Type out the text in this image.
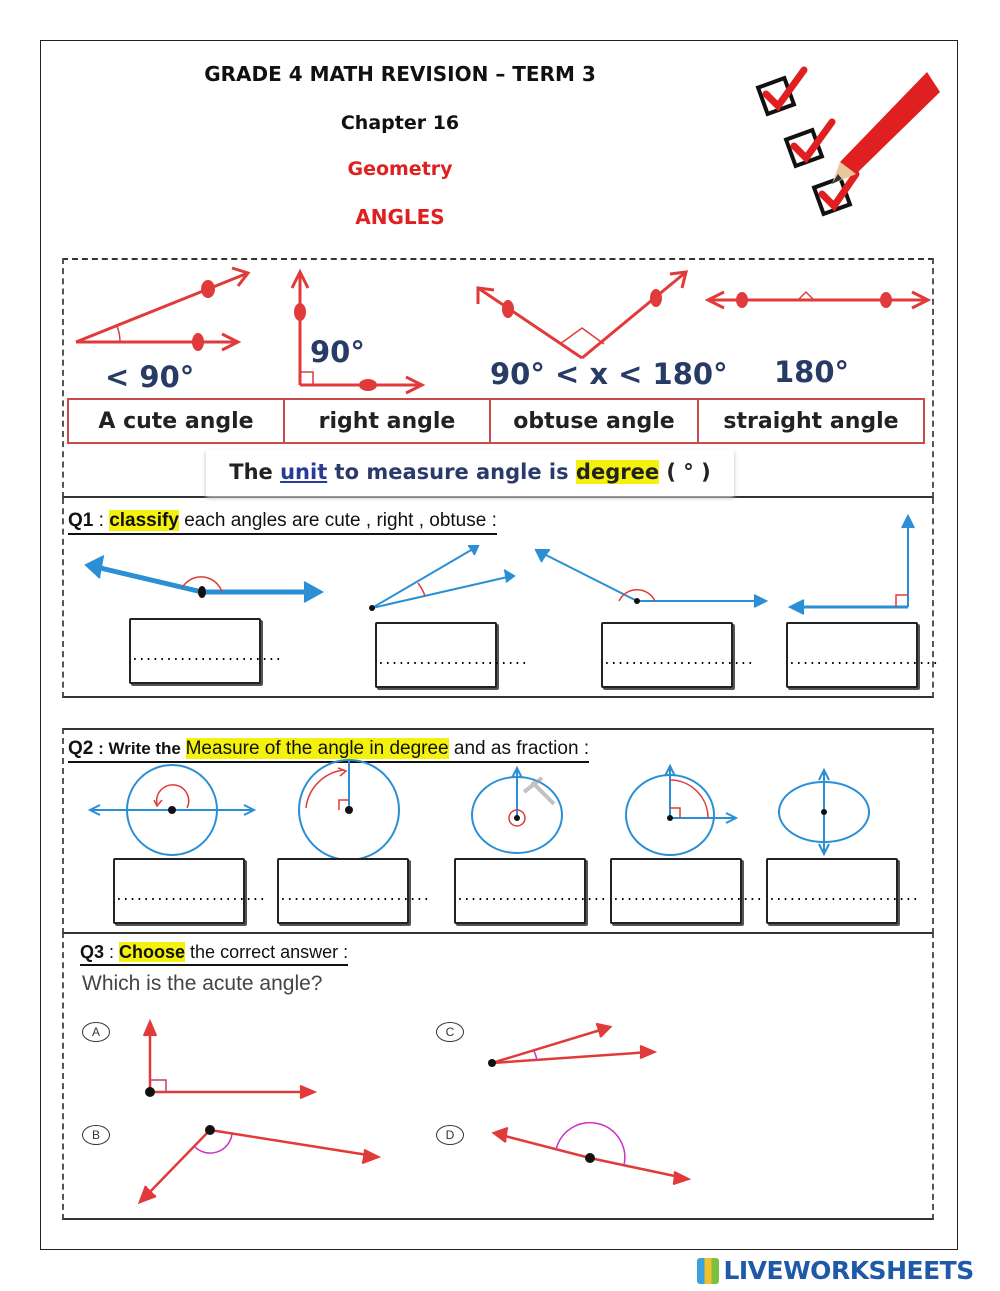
GRADE 4 MATH REVISION – TERM 3
Chapter 16
Geometry
ANGLES
< 90°
90°
90° < x < 180° 180°
A cute angle	right angle	obtuse angle	straight angle
The unit to measure angle is degree ( ° )
Q1 : classify each angles are cute , right , obtuse :
......................	......................	......................	......................
Q2 : Write the Measure of the angle in degree and as fraction :
...................... ...................... ...................... ...................... ......................
Q3 : Choose the correct answer :
Which is the acute angle?
A
B
C
D
LIVEWORKSHEETS
